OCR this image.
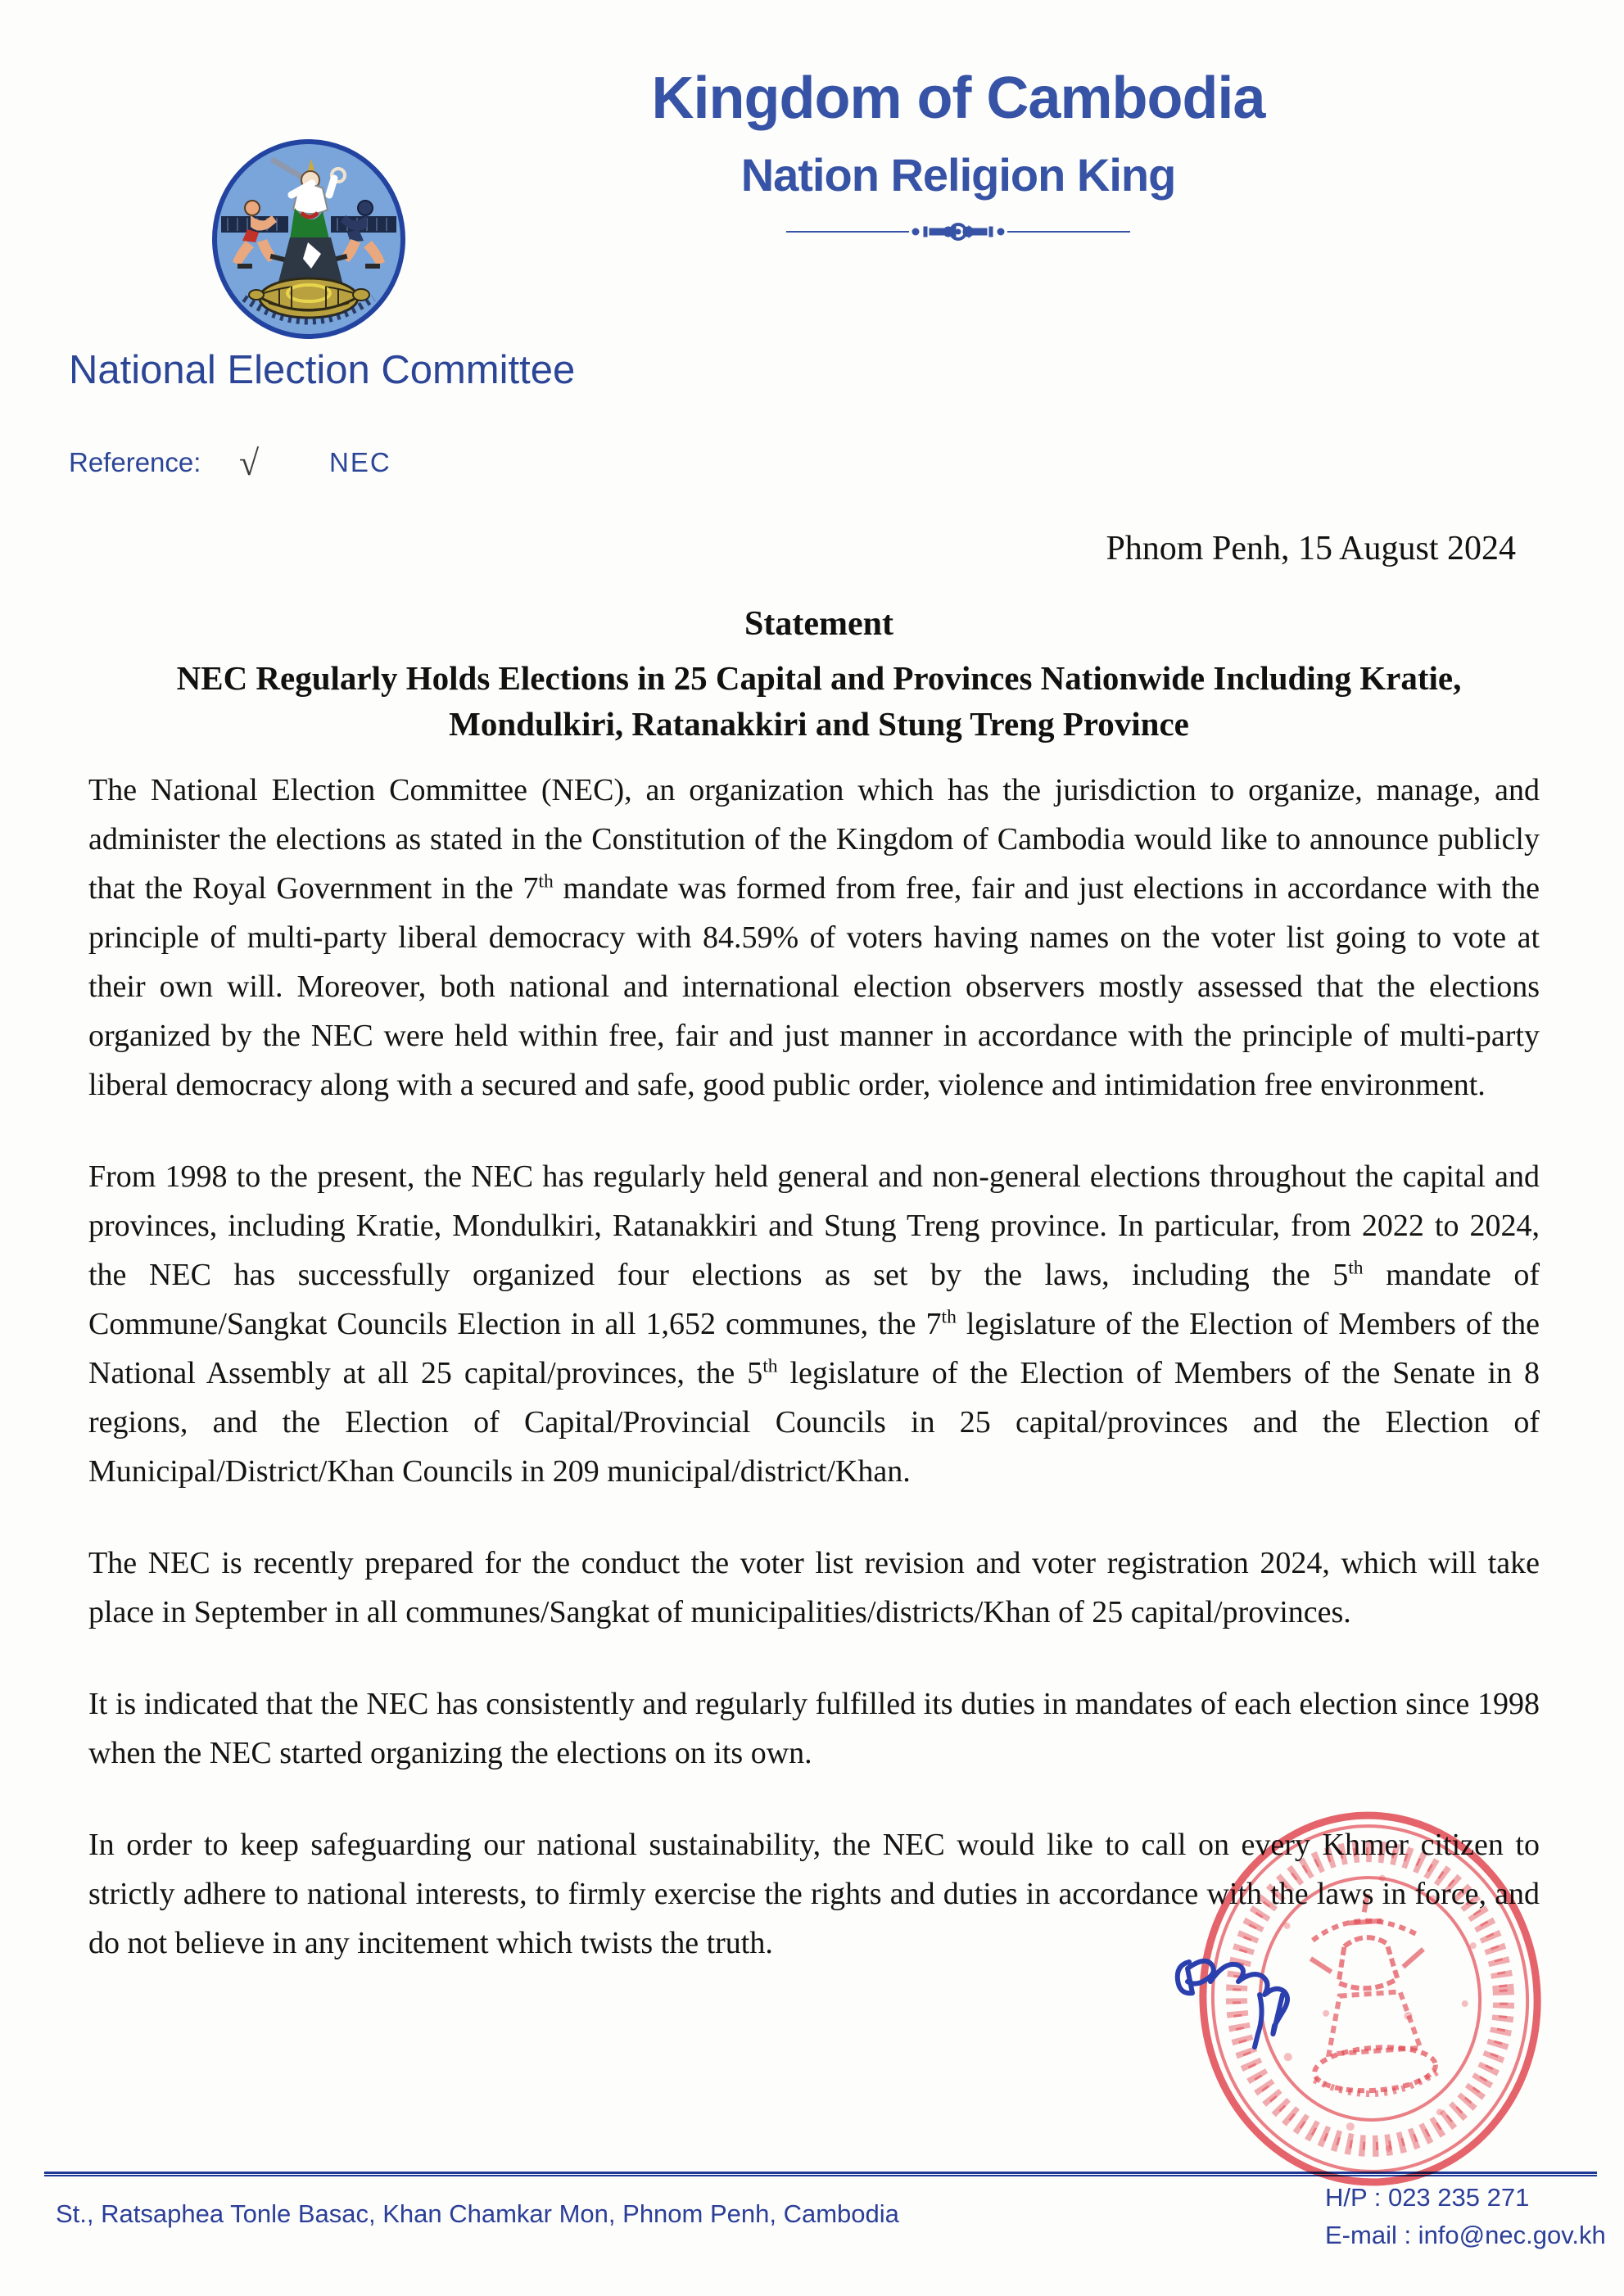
Kingdom of Cambodia
Nation Religion King
National Election Committee
Reference: √	NEC
Phnom Penh, 15 August 2024
Statement
NEC Regularly Holds Elections in 25 Capital and Provinces Nationwide Including Kratie,
Mondulkiri, Ratanakkiri and Stung Treng Province

The National Election Committee (NEC), an organization which has the jurisdiction to organize, manage, and administer the elections as stated in the Constitution of the Kingdom of Cambodia would like to announce publicly that the Royal Government in the 7th mandate was formed from free, fair and just elections in accordance with the principle of multi-party liberal democracy with 84.59% of voters having names on the voter list going to vote at their own will. Moreover, both national and international election observers mostly assessed that the elections organized by the NEC were held within free, fair and just manner in accordance with the principle of multi-party liberal democracy along with a secured and safe, good public order, violence and intimidation free environment.

From 1998 to the present, the NEC has regularly held general and non-general elections throughout the capital and provinces, including Kratie, Mondulkiri, Ratanakkiri and Stung Treng province. In particular, from 2022 to 2024, the NEC has successfully organized four elections as set by the laws, including the 5th mandate of Commune/Sangkat Councils Election in all 1,652 communes, the 7th legislature of the Election of Members of the National Assembly at all 25 capital/provinces, the 5th legislature of the Election of Members of the Senate in 8 regions, and the Election of Capital/Provincial Councils in 25 capital/provinces and the Election of Municipal/District/Khan Councils in 209 municipal/district/Khan.

The NEC is recently prepared for the conduct the voter list revision and voter registration 2024, which will take place in September in all communes/Sangkat of municipalities/districts/Khan of 25 capital/provinces.

It is indicated that the NEC has consistently and regularly fulfilled its duties in mandates of each election since 1998 when the NEC started organizing the elections on its own.

In order to keep safeguarding our national sustainability, the NEC would like to call on every Khmer citizen to strictly adhere to national interests, to firmly exercise the rights and duties in accordance with the laws in force, and do not believe in any incitement which twists the truth.

St., Ratsaphea Tonle Basac, Khan Chamkar Mon, Phnom Penh, Cambodia
H/P : 023 235 271
E-mail : info@nec.gov.kh
